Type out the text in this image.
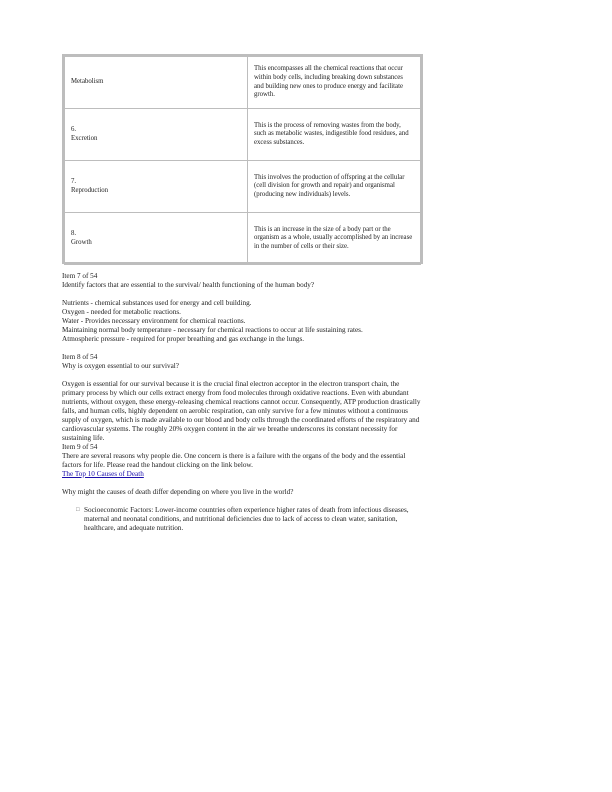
Metabolism	This encompasses all the chemical reactions that occur within body cells, including breaking down substances and building new ones to produce energy and facilitate growth.

6.
Excretion	This is the process of removing wastes from the body, such as metabolic wastes, indigestible food residues, and excess substances.

7.
Reproduction	This involves the production of offspring at the cellular (cell division for growth and repair) and organismal (producing new individuals) levels.

8.
Growth	This is an increase in the size of a body part or the organism as a whole, usually accomplished by an increase in the number of cells or their size.

Item 7 of 54

Identify factors that are essential to the survival/ health functioning of the human body?

Nutrients - chemical substances used for energy and cell building.

Oxygen - needed for metabolic reactions.

Water - Provides necessary environment for chemical reactions.

Maintaining normal body temperature - necessary for chemical reactions to occur at life sustaining rates.

Atmospheric pressure - required for proper breathing and gas exchange in the lungs.

Item 8 of 54

Why is oxygen essential to our survival?

Oxygen is essential for our survival because it is the crucial final electron acceptor in the electron transport chain, the primary process by which our cells extract energy from food molecules through oxidative reactions. Even with abundant nutrients, without oxygen, these energy-releasing chemical reactions cannot occur. Consequently, ATP production drastically falls, and human cells, highly dependent on aerobic respiration, can only survive for a few minutes without a continuous supply of oxygen, which is made available to our blood and body cells through the coordinated efforts of the respiratory and cardiovascular systems. The roughly 20% oxygen content in the air we breathe underscores its constant necessity for sustaining life.

Item 9 of 54

There are several reasons why people die. One concern is there is a failure with the organs of the body and the essential factors for life. Please read the handout clicking on the link below.

The Top 10 Causes of Death

Why might the causes of death differ depending on where you live in the world?

□ Socioeconomic Factors: Lower-income countries often experience higher rates of death from infectious diseases, maternal and neonatal conditions, and nutritional deficiencies due to lack of access to clean water, sanitation, healthcare, and adequate nutrition.
